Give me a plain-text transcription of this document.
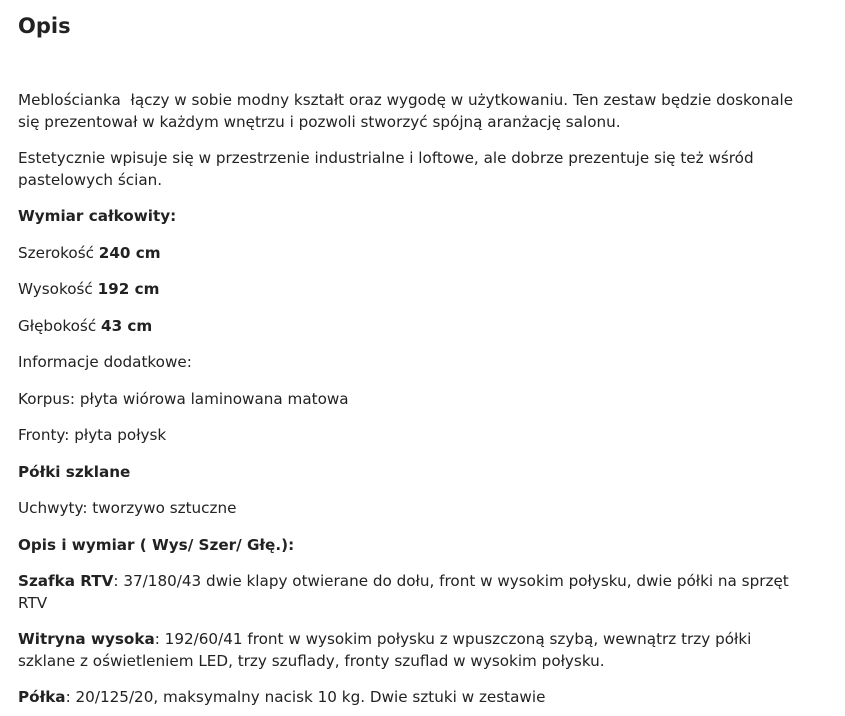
Opis

Meblościanka łączy w sobie modny kształt oraz wygodę w użytkowaniu. Ten zestaw będzie doskonale się prezentował w każdym wnętrzu i pozwoli stworzyć spójną aranżację salonu.

Estetycznie wpisuje się w przestrzenie industrialne i loftowe, ale dobrze prezentuje się też wśród pastelowych ścian.

Wymiar całkowity:

Szerokość 240 cm

Wysokość 192 cm

Głębokość 43 cm

Informacje dodatkowe:

Korpus: płyta wiórowa laminowana matowa

Fronty: płyta połysk

Półki szklane

Uchwyty: tworzywo sztuczne

Opis i wymiar ( Wys/ Szer/ Głę.):

Szafka RTV: 37/180/43 dwie klapy otwierane do dołu, front w wysokim połysku, dwie półki na sprzęt RTV

Witryna wysoka: 192/60/41 front w wysokim połysku z wpuszczoną szybą, wewnątrz trzy półki szklane z oświetleniem LED, trzy szuflady, fronty szuflad w wysokim połysku.

Półka: 20/125/20, maksymalny nacisk 10 kg. Dwie sztuki w zestawie
